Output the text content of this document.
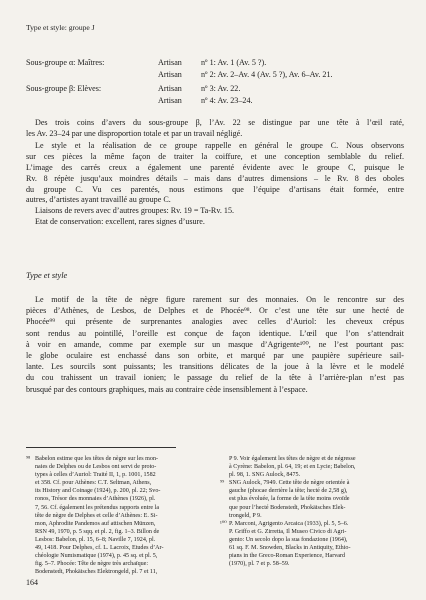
Type et style: groupe J
Sous-groupe α: Maîtres:	Artisan nº 1: Av. 1 (Av. 5 ?).
Artisan nº 2: Av. 2–Av. 4 (Av. 5 ?), Av. 6–Av. 21.
Sous-groupe β: Elèves:	Artisan nº 3: Av. 22.
Artisan nº 4: Av. 23–24.
Des trois coins d’avers du sous-groupe β, l’Av. 22 se distingue par une tête à l’œil raté,
les Av. 23–24 par une disproportion totale et par un travail négligé.
Le style et la réalisation de ce groupe rappelle en général le groupe C. Nous observons
sur ces pièces la même façon de traiter la coiffure, et une conception semblable du relief.
L’image des carrés creux a également une parenté évidente avec le groupe C, puisque le
Rv. 8 répète jusqu’aux moindres détails – mais dans d’autres dimensions – le Rv. 8 des oboles
du groupe C. Vu ces parentés, nous estimons que l’équipe d’artisans était formée, entre
autres, d’artistes ayant travaillé au groupe C.
Liaisons de revers avec d’autres groupes: Rv. 19 = Ta-Rv. 15.
Etat de conservation: excellent, rares signes d’usure.
Type et style
Le motif de la tête de nègre figure rarement sur des monnaies. On le rencontre sur des
pièces d’Athènes, de Lesbos, de Delphes et de Phocée⁹⁸. Or c’est une tête sur une hecté de
Phocée⁹⁹ qui présente de surprenantes analogies avec celles d’Auriol: les cheveux crépus
sont rendus au pointillé, l’oreille est conçue de façon identique. L’œil que l’on s’attendrait
à voir en amande, comme par exemple sur un masque d’Agrigente¹⁰⁰, ne l’est pourtant pas:
le globe oculaire est enchassé dans son orbite, et marqué par une paupière supérieure sail-
lante. Les sourcils sont puissants; les transitions délicates de la joue à la lèvre et le modelé
du cou trahissent un travail ionien; le passage du relief de la tête à l’arrière-plan n’est pas
brusqué par des contours graphiques, mais au contraire cède insensiblement à l’espace.
⁹⁸ Babelon estime que les têtes de nègre sur les mon-
naies de Delphes ou de Lesbos ont servi de proto-
types à celles d’Auriol: Traité II, 1, p. 1001, 1582
et 358. Cf. pour Athènes: C.T. Seltman, Athens,
its History and Coinage (1924), p. 200, pl. 22; Svo-
ronos, Trésor des monnaies d’Athènes (1926), pl.
7, 56. Cf. également les prétendus rapports entre la
tête de nègre de Delphes et celle d’Athènes: E. Si-
mon, Aphrodite Pandemos auf attischen Münzen,
RSN 49, 1970, p. 5 sqq. et pl. 2, fig. 1–3. Billon de
Lesbos: Babelon, pl. 15, 6–8; Naville 7, 1924, pl.
49, 1418. Pour Delphes, cf. L. Lacroix, Etudes d’Ar-
chéologie Numismatique (1974), p. 45 sq. et pl. 5,
fig. 5–7. Phocée: Tête de nègre très archaïque:
Bodenstedt, Phokäisches Elektrongeld, pl. 7 et 11,
P 9. Voir également les têtes de nègre et de négresse
à Cyrène: Babelon, pl. 64, 19; et en Lycie; Babelon,
pl. 98, 1. SNG Aulock, 8475.
⁹⁹ SNG Aulock, 7949. Cette tête de nègre orientée à
gauche (phocae derrière la tête; hecté de 2,58 g),
est plus évoluée, la forme de la tête moins ovoïde
que pour l’hecté Bodenstedt, Phokäisches Elek-
trongeld, P 9.
¹⁰⁰ P. Marconi, Agrigento Arcaica (1933), pl. 5, 5–6.
P. Griffo et G. Zirretta, Il Museo Civico di Agri-
gento: Un secolo dopo la sua fondazione (1964),
61 sq. F. M. Snowden, Blacks in Antiquity, Ethio-
pians in the Greco-Roman Experience, Harvard
(1970), pl. 7 et p. 58–59.
164
